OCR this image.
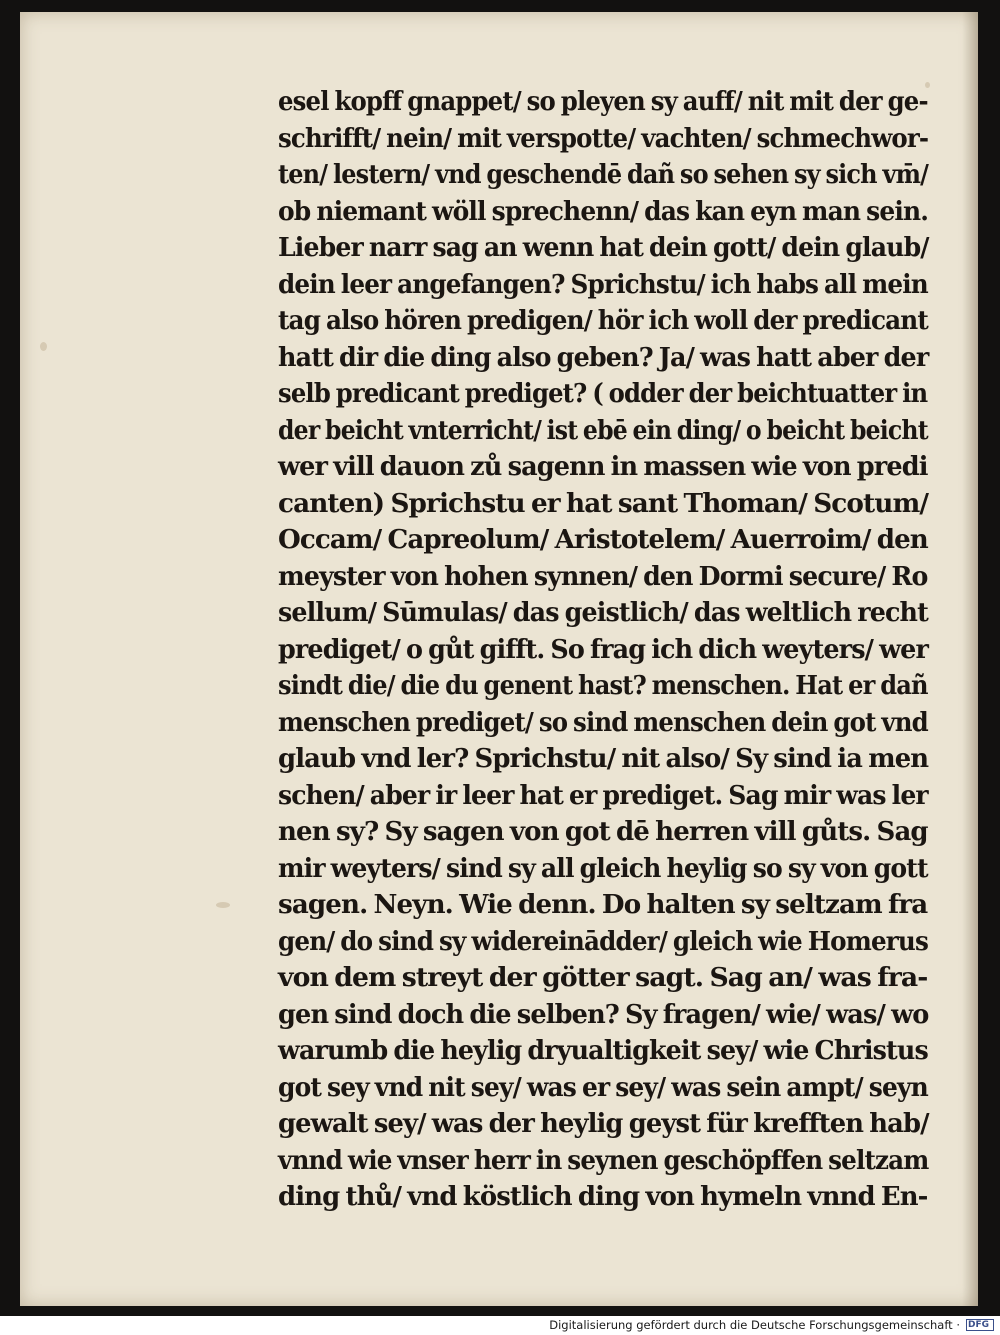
esel kopff gnappet/ so pleyen sy auff/ nit mit der ge-
schrifft/ nein/ mit verspotte/ vachten/ schmechwor-
ten/ lestern/ vnd geschendē dañ so sehen sy sich vm̄/
ob niemant wöll sprechenn/ das kan eyn man sein.
Lieber narr sag an wenn hat dein gott/ dein glaub/
dein leer angefangen? Sprichstu/ ich habs all mein
tag also hören predigen/ hör ich woll der predicant
hatt dir die ding also geben? Ja/ was hatt aber der
selb predicant prediget? ( odder der beichtuatter in
der beicht vnterricht/ ist ebē ein ding/ o beicht beicht
wer vill dauon zů sagenn in massen wie von predi
canten) Sprichstu er hat sant Thoman/ Scotum/
Occam/ Capreolum/ Aristotelem/ Auerroim/ den
meyster von hohen synnen/ den Dormi secure/ Ro
sellum/ Sūmulas/ das geistlich/ das weltlich recht
prediget/ o gůt gifft. So frag ich dich weyters/ wer
sindt die/ die du genent hast? menschen. Hat er dañ
menschen prediget/ so sind menschen dein got vnd
glaub vnd ler? Sprichstu/ nit also/ Sy sind ia men
schen/ aber ir leer hat er prediget. Sag mir was ler
nen sy? Sy sagen von got dē herren vill gůts. Sag
mir weyters/ sind sy all gleich heylig so sy von gott
sagen. Neyn. Wie denn. Do halten sy seltzam fra
gen/ do sind sy widereinādder/ gleich wie Homerus
von dem streyt der götter sagt. Sag an/ was fra-
gen sind doch die selben? Sy fragen/ wie/ was/ wo
warumb die heylig dryualtigkeit sey/ wie Christus
got sey vnd nit sey/ was er sey/ was sein ampt/ seyn
gewalt sey/ was der heylig geyst für krefften hab/
vnnd wie vnser herr in seynen geschöpffen seltzam
ding thů/ vnd köstlich ding von hymeln vnnd En-
Digitalisierung gefördert durch die Deutsche Forschungsgemeinschaft · DFG
